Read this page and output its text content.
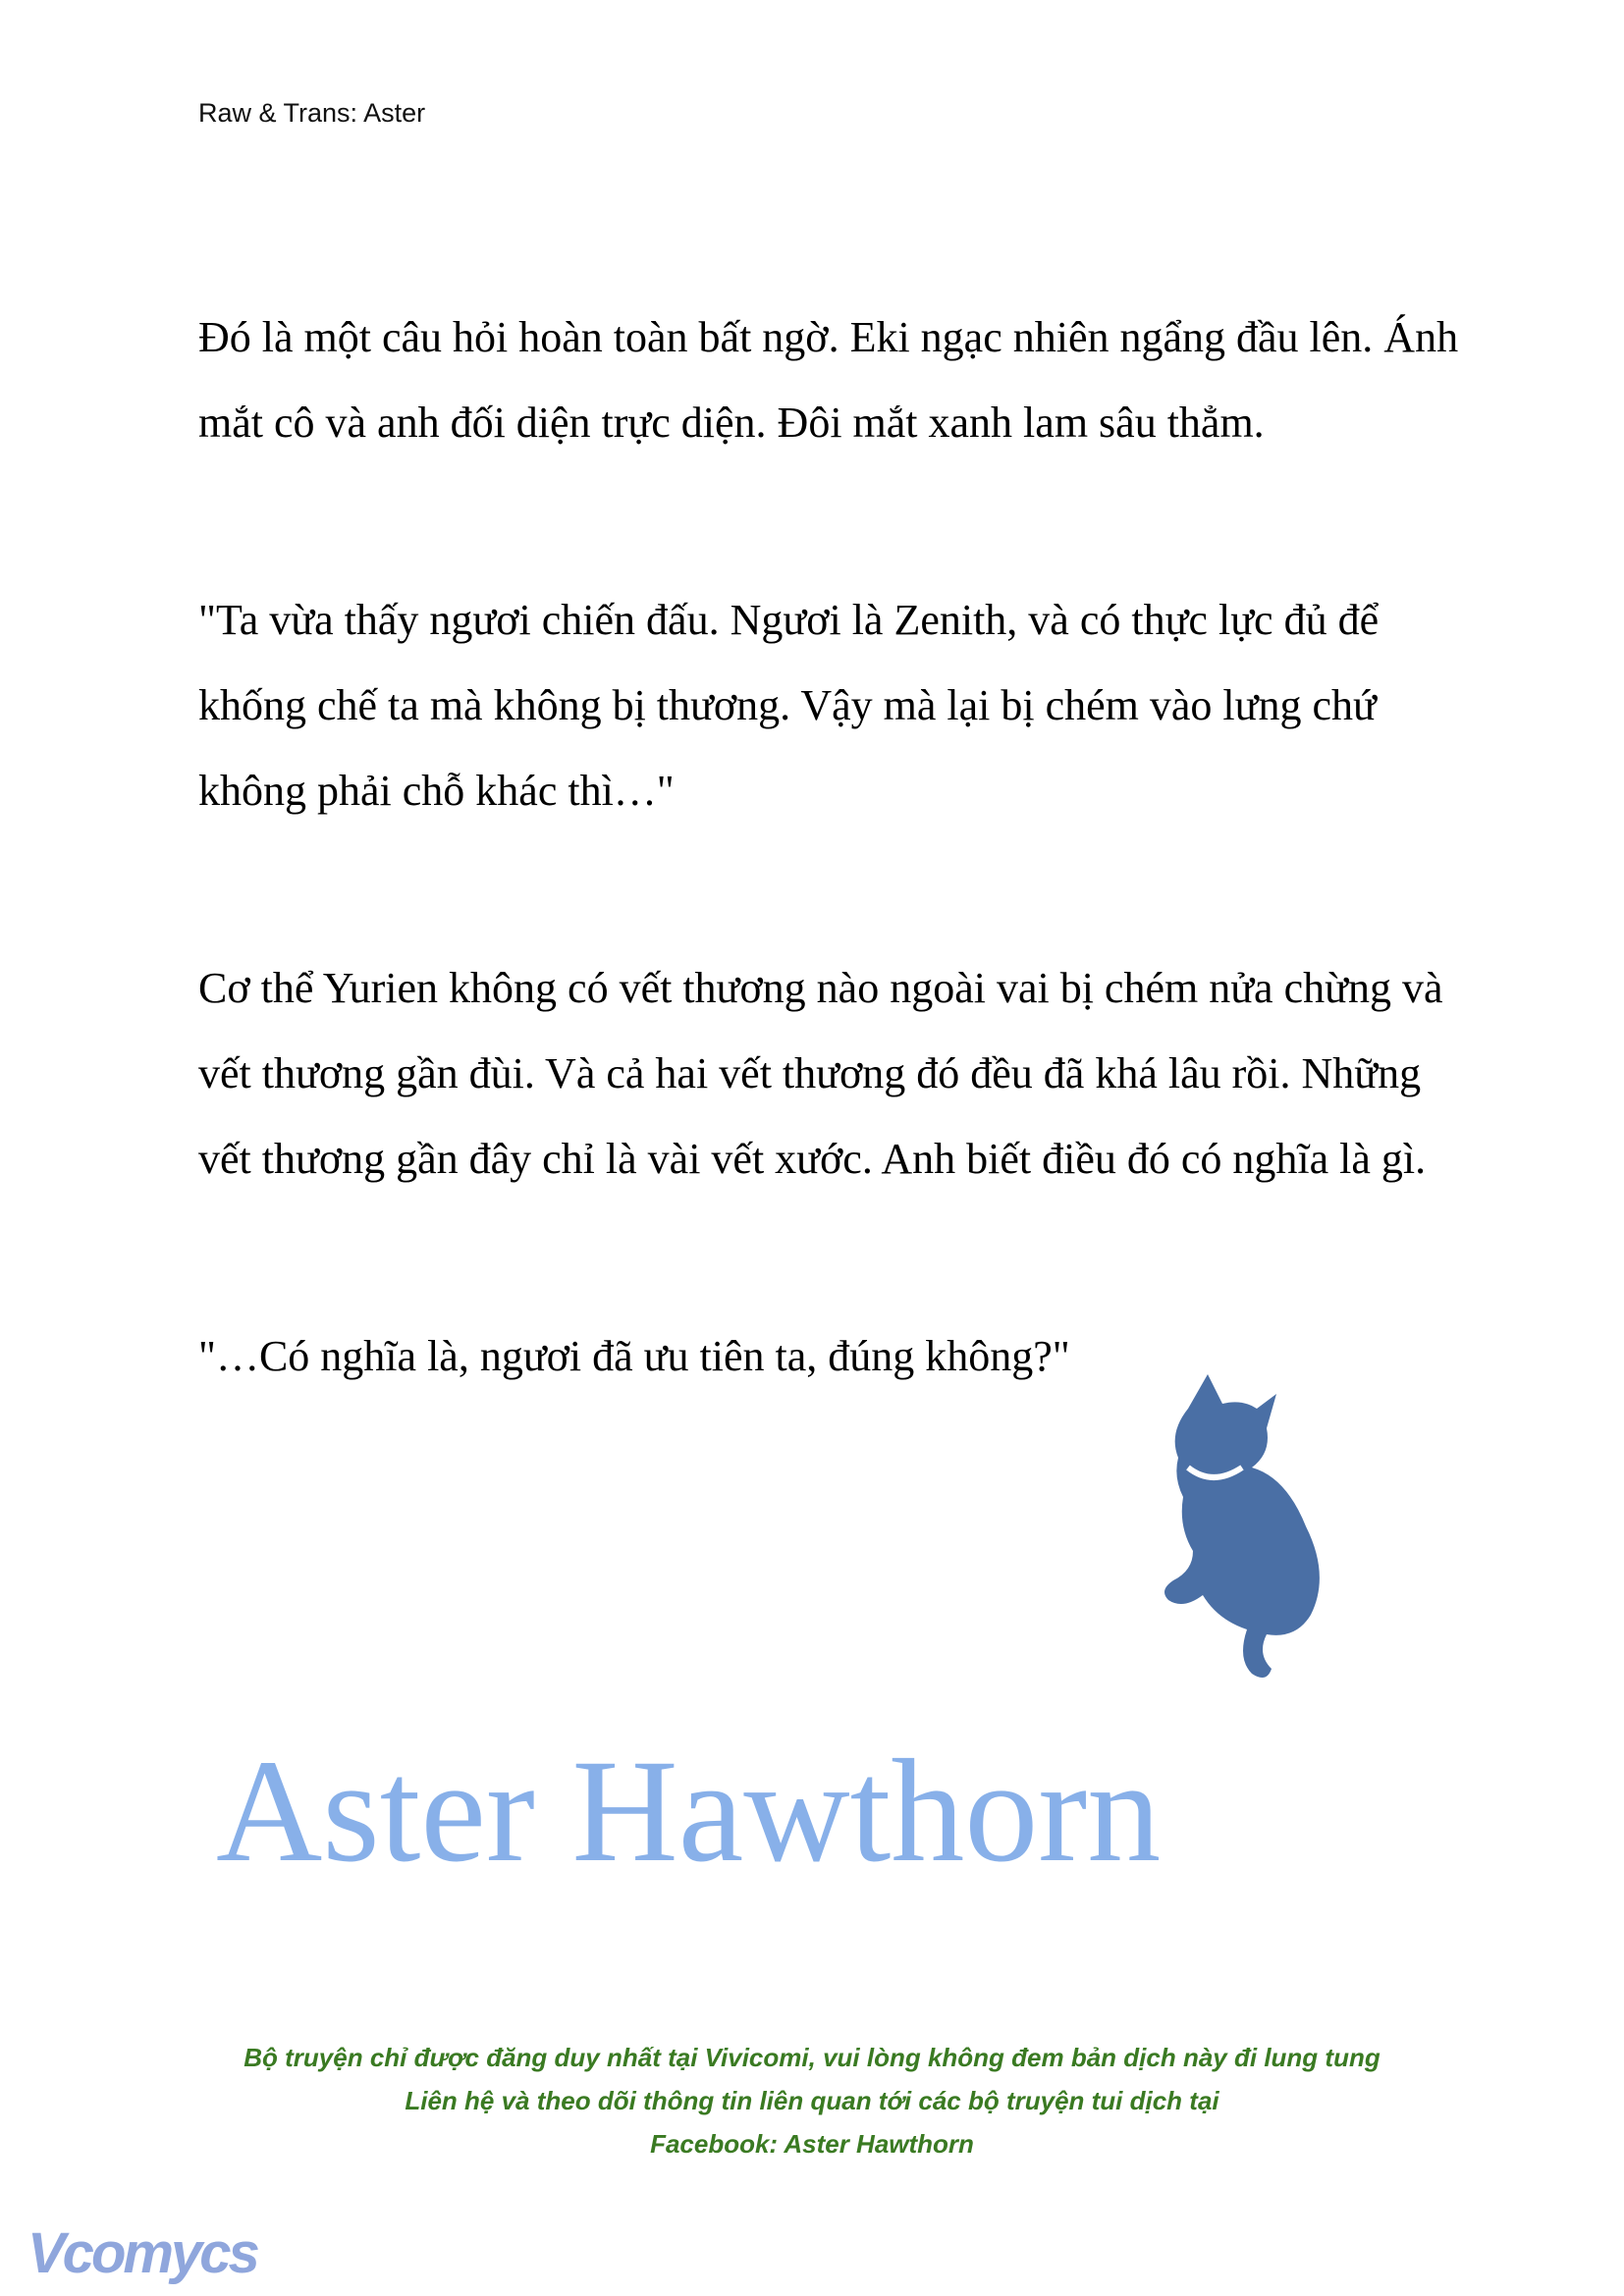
Raw & Trans: Aster

Đó là một câu hỏi hoàn toàn bất ngờ. Eki ngạc nhiên ngẩng đầu lên. Ánh mắt cô và anh đối diện trực diện. Đôi mắt xanh lam sâu thẳm.

"Ta vừa thấy ngươi chiến đấu. Ngươi là Zenith, và có thực lực đủ để khống chế ta mà không bị thương. Vậy mà lại bị chém vào lưng chứ không phải chỗ khác thì…"

Cơ thể Yurien không có vết thương nào ngoài vai bị chém nửa chừng và vết thương gần đùi. Và cả hai vết thương đó đều đã khá lâu rồi. Những vết thương gần đây chỉ là vài vết xước. Anh biết điều đó có nghĩa là gì.

"…Có nghĩa là, ngươi đã ưu tiên ta, đúng không?"

Aster Hawthorn
Bộ truyện chỉ được đăng duy nhất tại Vivicomi, vui lòng không đem bản dịch này đi lung tung
Liên hệ và theo dõi thông tin liên quan tới các bộ truyện tui dịch tại
Facebook: Aster Hawthorn
Vcomycs
